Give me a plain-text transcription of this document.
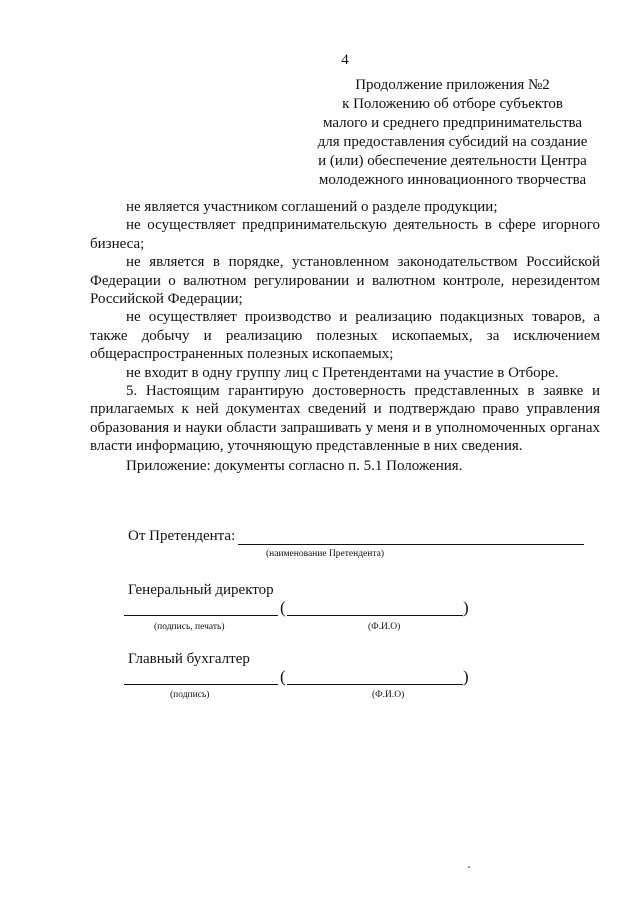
4
Продолжение приложения №2
к Положению об отборе субъектов
малого и среднего предпринимательства
для предоставления субсидий на создание
и (или) обеспечение деятельности Центра
молодежного инновационного творчества

не является участником соглашений о разделе продукции;

не осуществляет предпринимательскую деятельность в сфере игорного бизнеса;

не является в порядке, установленном законодательством Российской Федерации о валютном регулировании и валютном контроле, нерезидентом Российской Федерации;

не осуществляет производство и реализацию подакцизных товаров, а также добычу и реализацию полезных ископаемых, за исключением общераспространенных полезных ископаемых;

не входит в одну группу лиц с Претендентами на участие в Отборе.

5. Настоящим гарантирую достоверность представленных в заявке и прилагаемых к ней документах сведений и подтверждаю право управления образования и науки области запрашивать у меня и в уполномоченных органах власти информацию, уточняющую представленные в них сведения.

Приложение: документы согласно п. 5.1 Положения.
От Претендента:
(наименование Претендента)
Генеральный директор
(	)
(подпись, печать)	(Ф.И.О)
Главный бухгалтер
(	)
(подпись)	(Ф.И.О)
